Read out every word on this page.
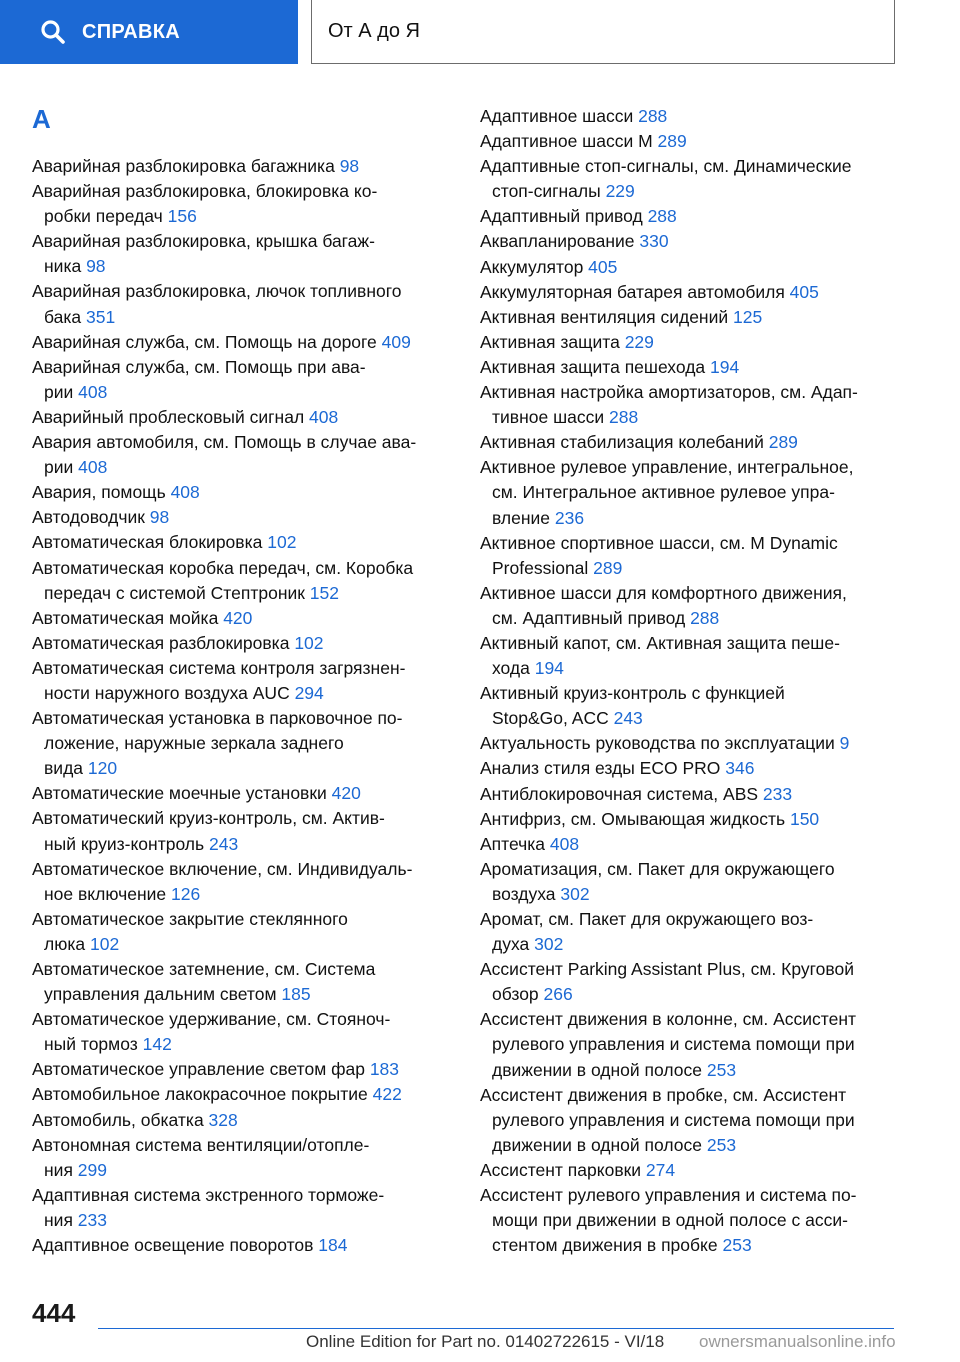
СПРАВКА	От А до Я
A
Аварийная разблокировка багажника 98
Аварийная разблокировка, блокировка ко-
робки передач 156
Аварийная разблокировка, крышка багаж-
ника 98
Аварийная разблокировка, лючок топливного
бака 351
Аварийная служба, см. Помощь на дороге 409
Аварийная служба, см. Помощь при ава-
рии 408
Аварийный проблесковый сигнал 408
Авария автомобиля, см. Помощь в случае ава-
рии 408
Авария, помощь 408
Автодоводчик 98
Автоматическая блокировка 102
Автоматическая коробка передач, см. Коробка
передач с системой Стептроник 152
Автоматическая мойка 420
Автоматическая разблокировка 102
Автоматическая система контроля загрязнен-
ности наружного воздуха AUC 294
Автоматическая установка в парковочное по-
ложение, наружные зеркала заднего
вида 120
Автоматические моечные установки 420
Автоматический круиз-контроль, см. Актив-
ный круиз-контроль 243
Автоматическое включение, см. Индивидуаль-
ное включение 126
Автоматическое закрытие стеклянного
люка 102
Автоматическое затемнение, см. Система
управления дальним светом 185
Автоматическое удерживание, см. Стояноч-
ный тормоз 142
Автоматическое управление светом фар 183
Автомобильное лакокрасочное покрытие 422
Автомобиль, обкатка 328
Автономная система вентиляции/отопле-
ния 299
Адаптивная система экстренного торможе-
ния 233
Адаптивное освещение поворотов 184
Адаптивное шасси 288
Адаптивное шасси M 289
Адаптивные стоп-сигналы, см. Динамические
стоп-сигналы 229
Адаптивный привод 288
Аквапланирование 330
Аккумулятор 405
Аккумуляторная батарея автомобиля 405
Активная вентиляция сидений 125
Активная защита 229
Активная защита пешехода 194
Активная настройка амортизаторов, см. Адап-
тивное шасси 288
Активная стабилизация колебаний 289
Активное рулевое управление, интегральное,
см. Интегральное активное рулевое упра-
вление 236
Активное спортивное шасси, см. M Dynamic
Professional 289
Активное шасси для комфортного движения,
см. Адаптивный привод 288
Активный капот, см. Активная защита пеше-
хода 194
Активный круиз-контроль с функцией
Stop&Go, ACC 243
Актуальность руководства по эксплуатации 9
Анализ стиля езды ECO PRO 346
Антиблокировочная система, ABS 233
Антифриз, см. Омывающая жидкость 150
Аптечка 408
Ароматизация, см. Пакет для окружающего
воздуха 302
Аромат, см. Пакет для окружающего воз-
духа 302
Ассистент Parking Assistant Plus, см. Круговой
обзор 266
Ассистент движения в колонне, см. Ассистент
рулевого управления и система помощи при
движении в одной полосе 253
Ассистент движения в пробке, см. Ассистент
рулевого управления и система помощи при
движении в одной полосе 253
Ассистент парковки 274
Ассистент рулевого управления и система по-
мощи при движении в одной полосе с асси-
стентом движения в пробке 253
444
Online Edition for Part no. 01402722615 - VI/18 ownersmanualsonline.info
